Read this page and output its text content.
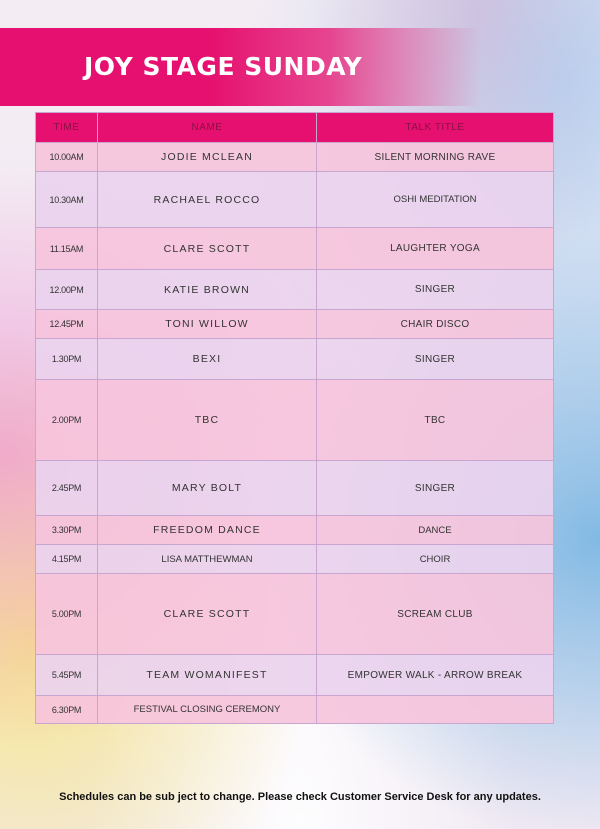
JOY STAGE SUNDAY
TIME	NAME	TALK TITLE
10.00AM	JODIE MCLEAN	SILENT MORNING RAVE
10.30AM	RACHAEL ROCCO	OSHI MEDITATION
11.15AM	CLARE SCOTT	LAUGHTER YOGA
12.00PM	KATIE BROWN	SINGER
12.45PM	TONI WILLOW	CHAIR DISCO
1.30PM	BEXI	SINGER
2.00PM	TBC	TBC
2.45PM	MARY BOLT	SINGER
3.30PM	FREEDOM DANCE	DANCE
4.15PM	LISA MATTHEWMAN	CHOIR
5.00PM	CLARE SCOTT	SCREAM CLUB
5.45PM	TEAM WOMANIFEST	EMPOWER WALK - ARROW BREAK
6.30PM	FESTIVAL CLOSING CEREMONY	
Schedules can be sub ject to change. Please check Customer Service Desk for any updates.
